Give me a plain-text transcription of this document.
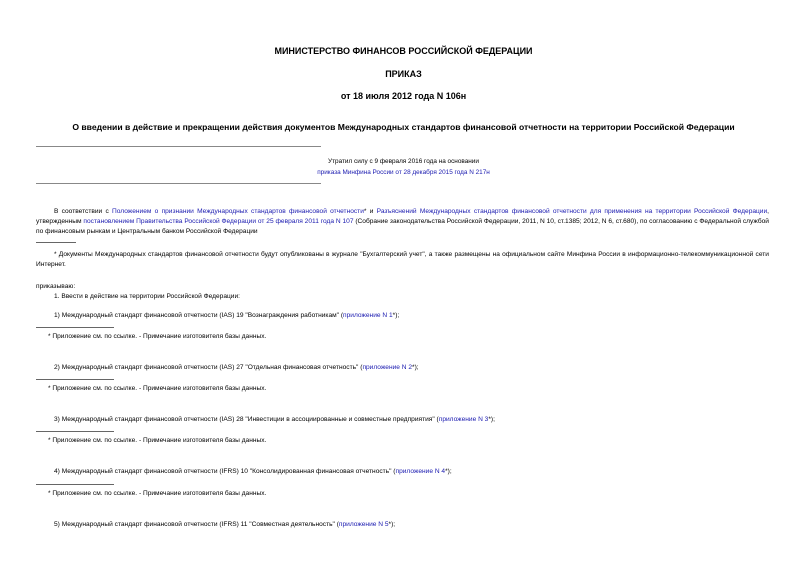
МИНИСТЕРСТВО ФИНАНСОВ РОССИЙСКОЙ ФЕДЕРАЦИИ
ПРИКАЗ
от 18 июля 2012 года N 106н
О введении в действие и прекращении действия документов Международных стандартов финансовой отчетности на территории Российской Федерации
Утратил силу с 9 февраля 2016 года на основании
приказа Минфина России от 28 декабря 2015 года N 217н
В соответствии с Положением о признании Международных стандартов финансовой отчетности* и Разъяснений Международных стандартов финансовой отчетности для применения на территории Российской Федерации, утвержденным постановлением Правительства Российской Федерации от 25 февраля 2011 года N 107 (Собрание законодательства Российской Федерации, 2011, N 10, ст.1385; 2012, N 6, ст.680), по согласованию с Федеральной службой по финансовым рынкам и Центральным банком Российской Федерации
* Документы Международных стандартов финансовой отчетности будут опубликованы в журнале "Бухгалтерский учет", а также размещены на официальном сайте Минфина России в информационно-телекоммуникационной сети Интернет.
приказываю:
1. Ввести в действие на территории Российской Федерации:
1) Международный стандарт финансовой отчетности (IAS) 19 "Вознаграждения работникам" (приложение N 1*);
* Приложение см. по ссылке. - Примечание изготовителя базы данных.
2) Международный стандарт финансовой отчетности (IAS) 27 "Отдельная финансовая отчетность" (приложение N 2*);
* Приложение см. по ссылке. - Примечание изготовителя базы данных.
3) Международный стандарт финансовой отчетности (IAS) 28 "Инвестиции в ассоциированные и совместные предприятия" (приложение N 3*);
* Приложение см. по ссылке. - Примечание изготовителя базы данных.
4) Международный стандарт финансовой отчетности (IFRS) 10 "Консолидированная финансовая отчетность" (приложение N 4*);
* Приложение см. по ссылке. - Примечание изготовителя базы данных.
5) Международный стандарт финансовой отчетности (IFRS) 11 "Совместная деятельность" (приложение N 5*);
